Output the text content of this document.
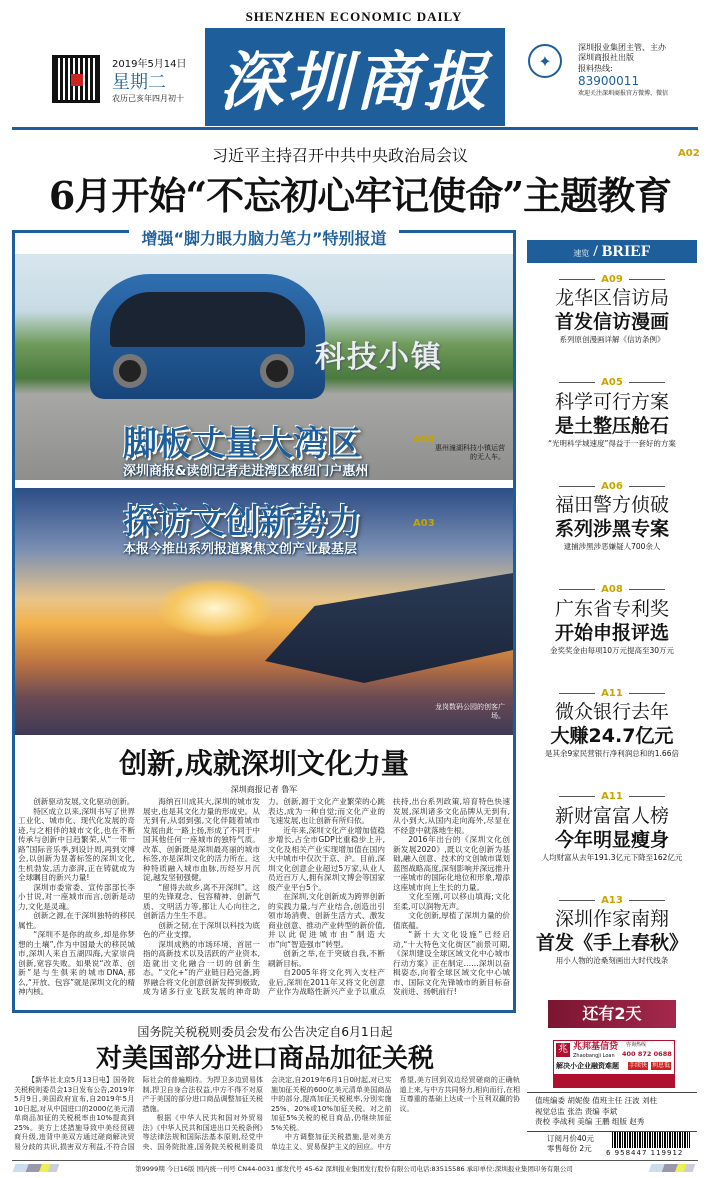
SHENZHEN ECONOMIC DAILY
2019年5月14日
星期二
农历己亥年四月初十 深圳商报	✦
深圳报业集团主管、主办
深圳商报社出版
报料热线:
83900011
欢迎关注深圳商报官方微博、微信
习近平主持召开中共中央政治局会议	A02
6月开始“不忘初心牢记使命”主题教育
增强“脚力眼力脑力笔力”特别报道
科技小镇
脚板丈量大湾区
深圳商报&读创记者走进湾区枢纽门户惠州
A04
惠州潼湖科技小镇运营的无人车。
探访文创新势力
本报今推出系列报道聚焦文创产业最基层
A03
龙岗数码公园的创客广场。
创新,成就深圳文化力量
深圳商报记者 鲁军

创新驱动发展,文化驱动创新。

特区成立以来,深圳书写了世界工业化、城市化、现代化发展的奇迹,与之相伴的城市文化,也在不断传承与创新中日趋繁荣,从“一带一路”国际音乐季,到设计周,再到文博会,以创新为显著标签的深圳文化,生机勃发,活力澎湃,正在铸就成为全球瞩目的新兴力量!

深圳市委常委、宣传部部长李小甘说,对一座城市而言,创新是动力,文化是灵魂。

创新之源,在于深圳独特的移民属性。

“深圳不是你的故乡,却是你梦想的土壤”,作为中国最大的移民城市,深圳人来自五湖四海,大家崇尚创新,宽容失败。如果说“改革、创新”是与生俱来的城市DNA,那么,“开放、包容”就是深圳文化的精神内核。

海纳百川成其大,深圳的城市发展史,也是其文化力量的形成史。从无到有,从弱到强,文化伴随着城市发展由此一路上扬,形成了不同于中国其他任何一座城市的独特气质。改革、创新既是深圳最亮丽的城市标签,亦是深圳文化的活力所在。这种特质融入城市血脉,历经岁月沉淀,越发坚韧强健。

“留得去故乡,离不开深圳”。这里的先锋观念、包容精神、创新气质、文明活力等,都让人心向往之,创新活力生生不息。

创新之韧,在于深圳以科技为底色的产业支撑。

深圳成熟的市场环境、首屈一指的高新技术以及活跃的产业资本,造就出文化融合一切的创新生态。“文化+”的产业链日趋完备,跨界融合将文化创意创新发挥到极致,成为诸多行业飞跃发展的神奇助力。创新,源于文化产业繁荣的心跳表达,成为一种自觉;而文化产业的飞速发展,也让创新有所归依。

近年来,深圳文化产业增加值稳步增长,占全市GDP比重稳步上升,文化及相关产业实现增加值在国内大中城市中仅次于京、沪。目前,深圳文化创意企业超过5万家,从业人员近百万人,拥有深圳文博会等国家级产业平台5个。

在深圳,文化创新成为跨界创新的实践力量,与产业结合,创造出引领市场消费、创新生活方式、激发商业创意、推动产业转型的新价值,并以此促进城市由“制造大市”向“智造强市”转型。

创新之举,在于突破自我,不断刷新目标。

自2005年将文化列入支柱产业后,深圳在2011年又将文化创意产业作为战略性新兴产业予以重点扶持,出台系列政策,培育特色快速发展,深圳诸多文化品牌从无到有,从小到大,从国内走向海外,尽显在不经意中就落地生根。

2016年出台的《深圳文化创新发展2020》,既以文化创新为基础,融入创意、技术的文创城市谋划蓝图战略高度,深刻影响并深远推升一座城市的国际化地位和形象,增添这座城市向上生长的力量。

文化至刚,可以移山填海;文化至柔,可以润物无声。

文化创新,厚植了深圳力量的价值底蕴。

“新十大文化设施”已经启动,“十大特色文化街区”前景可期,《深圳建设全球区域文化中心城市行动方案》正在制定……深圳以奋楫姿态,向着全球区域文化中心城市、国际文化先锋城市的新目标奋发前进、扬帆前行!

速览 / BRIEF
A09
龙华区信访局
首发信访漫画
系列原创漫画详解《信访条例》
A05
科学可行方案
是土整压舱石
“光明科学城速度”得益于一套好的方案
A06
福田警方侦破
系列涉黑专案
逮捕涉黑涉恶嫌疑人700余人
A08
广东省专利奖
开始申报评选
金奖奖金由每项10万元提高至30万元
A11
微众银行去年
大赚24.7亿元
是其余9家民营银行净利润总和的1.66倍
A11
新财富富人榜
今年明显瘦身
人均财富从去年191.3亿元下降至162亿元
A13
深圳作家南翔
首发《手上春秋》
用小人物的沧桑刻画出大时代线条
还有2天
兆 兆邦基信贷
Zhaobangji Loan
咨询热线
400 872 0688
解决小企业融资难题 手续快 利息低
值班编委 胡妮俊 值班主任 汪波 刘柱
视觉总监 张浩 责编 李斌
责校 李战利 美编 王鹏 组版 赵秀
订阅月价40元
零售每份 2元	6 958447 119912
国务院关税税则委员会发布公告决定自6月1日起
对美国部分进口商品加征关税

【新华社北京5月13日电】国务院关税税则委员会13日发布公告,2019年5月9日,美国政府宣布,自2019年5月10日起,对从中国进口的2000亿美元清单商品加征的关税税率由10%提高到25%。美方上述措施导致中美经贸磋商升级,违背中美双方通过磋商解决贸易分歧的共识,损害双方利益,不符合国际社会的普遍期待。为捍卫多边贸易体制,捍卫自身合法权益,中方不得不对原产于美国的部分进口商品调整加征关税措施。

根据《中华人民共和国对外贸易法》《中华人民共和国进出口关税条例》等法律法规和国际法基本原则,经党中央、国务院批准,国务院关税税则委员会决定,自2019年6月1日0时起,对已实施加征关税的600亿美元清单美国商品中的部分,提高加征关税税率,分别实施25%、20%或10%加征关税。对之前加征5%关税的税目商品,仍继续加征5%关税。

中方调整加征关税措施,是对美方单边主义、贸易保护主义的回应。中方希望,美方回到双边经贸磋商的正确轨道上来,与中方共同努力,相向而行,在相互尊重的基础上达成一个互利双赢的协议。

第9999期 今日16版 国内统一刊号 CN44-0031 邮发代号 45-62 深圳报业集团发行股份有限公司电话:83515586 承印单位:深圳报业集团印务有限公司
